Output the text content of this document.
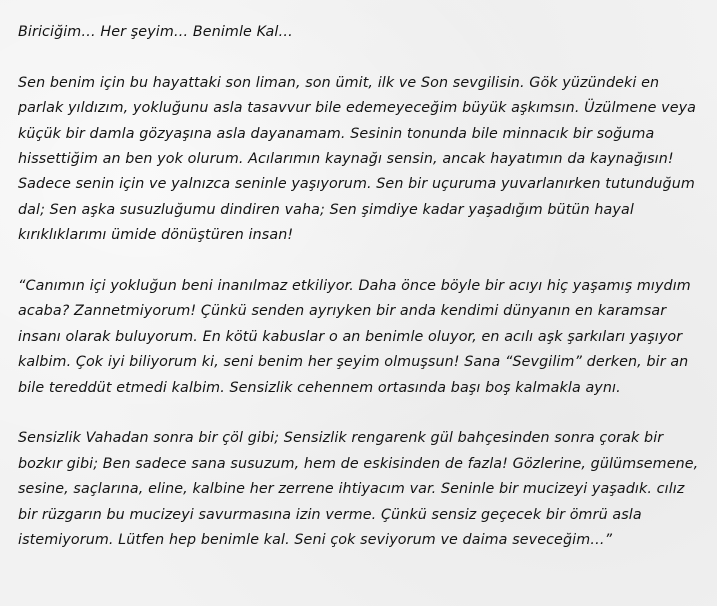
Biriciğim… Her şeyim… Benimle Kal…

Sen benim için bu hayattaki son liman, son ümit, ilk ve Son sevgilisin. Gök yüzündeki en parlak yıldızım, yokluğunu asla tasavvur bile edemeyeceğim büyük aşkımsın. Üzülmene veya küçük bir damla gözyaşına asla dayanamam. Sesinin tonunda bile minnacık bir soğuma hissettiğim an ben yok olurum. Acılarımın kaynağı sensin, ancak hayatımın da kaynağısın! Sadece senin için ve yalnızca seninle yaşıyorum. Sen bir uçuruma yuvarlanırken tutunduğum dal; Sen aşka susuzluğumu dindiren vaha; Sen şimdiye kadar yaşadığım bütün hayal kırıklıklarımı ümide dönüştüren insan!

“Canımın içi yokluğun beni inanılmaz etkiliyor. Daha önce böyle bir acıyı hiç yaşamış mıydım acaba? Zannetmiyorum! Çünkü senden ayrıyken bir anda kendimi dünyanın en karamsar insanı olarak buluyorum. En kötü kabuslar o an benimle oluyor, en acılı aşk şarkıları yaşıyor kalbim. Çok iyi biliyorum ki, seni benim her şeyim olmuşsun! Sana “Sevgilim” derken, bir an bile tereddüt etmedi kalbim. Sensizlik cehennem ortasında başı boş kalmakla aynı.

Sensizlik Vahadan sonra bir çöl gibi; Sensizlik rengarenk gül bahçesinden sonra çorak bir bozkır gibi; Ben sadece sana susuzum, hem de eskisinden de fazla! Gözlerine, gülümsemene, sesine, saçlarına, eline, kalbine her zerrene ihtiyacım var. Seninle bir mucizeyi yaşadık. cılız bir rüzgarın bu mucizeyi savurmasına izin verme. Çünkü sensiz geçecek bir ömrü asla istemiyorum. Lütfen hep benimle kal. Seni çok seviyorum ve daima seveceğim…”
